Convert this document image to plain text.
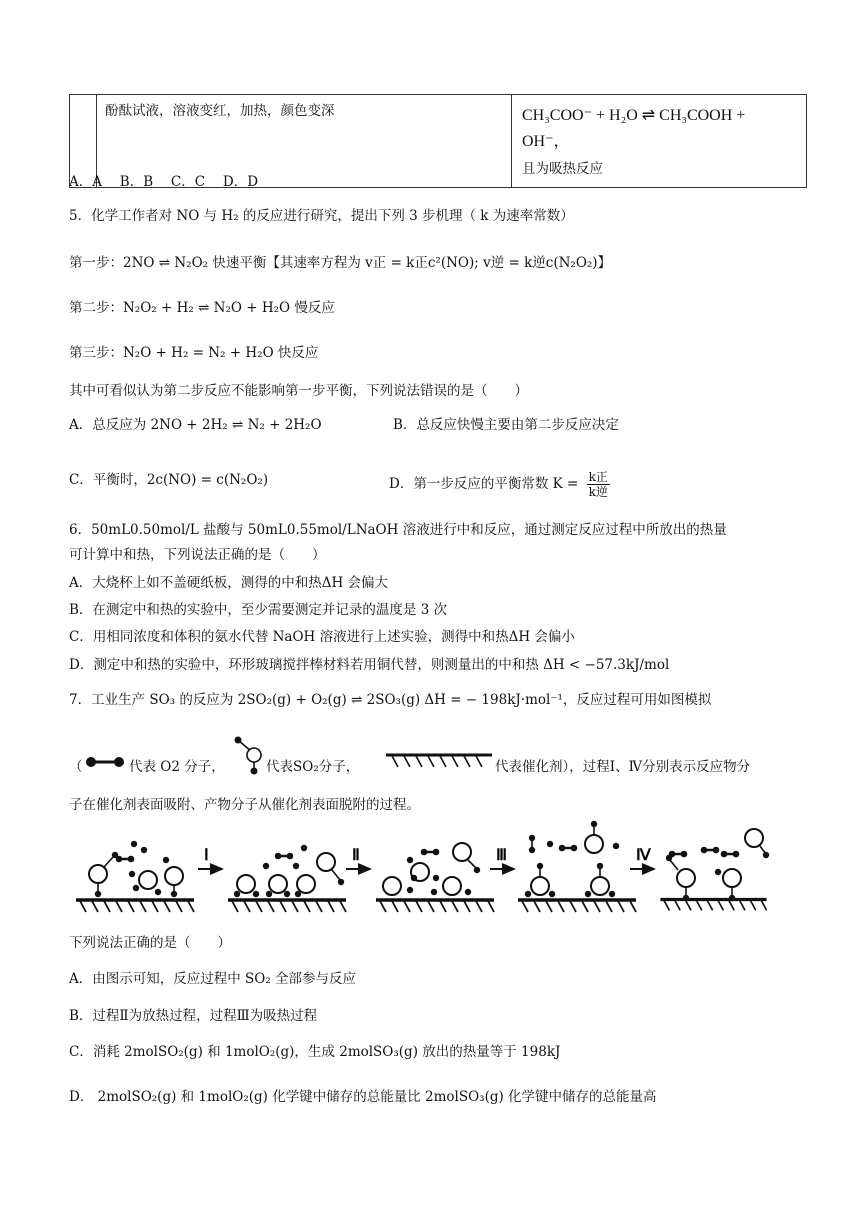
	酚酞试液，溶液变红，加热，颜色变深	CH₃COO⁻ + H₂O ⇌ CH₃COOH + OH⁻，
且为吸热反应
A．A　 B．B　 C．C　 D．D
5．化学工作者对 NO 与 H₂ 的反应进行研究，提出下列 3 步机理（ k 为速率常数）
第一步：2NO ⇌ N₂O₂ 快速平衡【其速率方程为 v正 = k正c²(NO); v逆 = k逆c(N₂O₂)】
第二步：N₂O₂ + H₂ ⇌ N₂O + H₂O 慢反应
第三步：N₂O + H₂ = N₂ + H₂O 快反应
其中可看似认为第二步反应不能影响第一步平衡，下列说法错误的是（　　）
A．总反应为 2NO + 2H₂ ⇌ N₂ + 2H₂O	B．总反应快慢主要由第二步反应决定
C．平衡时，2c(NO) = c(N₂O₂)	D．第一步反应的平衡常数 K = k正
k逆
6．50mL0.50mol/L 盐酸与 50mL0.55mol/LNaOH 溶液进行中和反应，通过测定反应过程中所放出的热量
可计算中和热，下列说法正确的是（　　）
A．大烧杯上如不盖硬纸板，测得的中和热ΔH 会偏大
B．在测定中和热的实验中，至少需要测定并记录的温度是 3 次
C．用相同浓度和体积的氨水代替 NaOH 溶液进行上述实验，测得中和热ΔH 会偏小
D．测定中和热的实验中，环形玻璃搅拌棒材料若用铜代替，则测量出的中和热 ΔH < −57.3kJ/mol
7．工业生产 SO₃ 的反应为 2SO₂(g) + O₂(g) ⇌ 2SO₃(g) ΔH = − 198kJ·mol⁻¹，反应过程可用如图模拟
（	代表 O2 分子，	代表SO₂分子，	代表催化剂），过程Ⅰ、Ⅳ分别表示反应物分
子在催化剂表面吸附、产物分子从催化剂表面脱附的过程。
Ⅰ	Ⅱ	Ⅲ	Ⅳ
下列说法正确的是（　　）
A．由图示可知，反应过程中 SO₂ 全部参与反应
B．过程Ⅱ为放热过程，过程Ⅲ为吸热过程
C．消耗 2molSO₂(g) 和 1molO₂(g)，生成 2molSO₃(g) 放出的热量等于 198kJ
D． 2molSO₂(g) 和 1molO₂(g) 化学键中储存的总能量比 2molSO₃(g) 化学键中储存的总能量高
